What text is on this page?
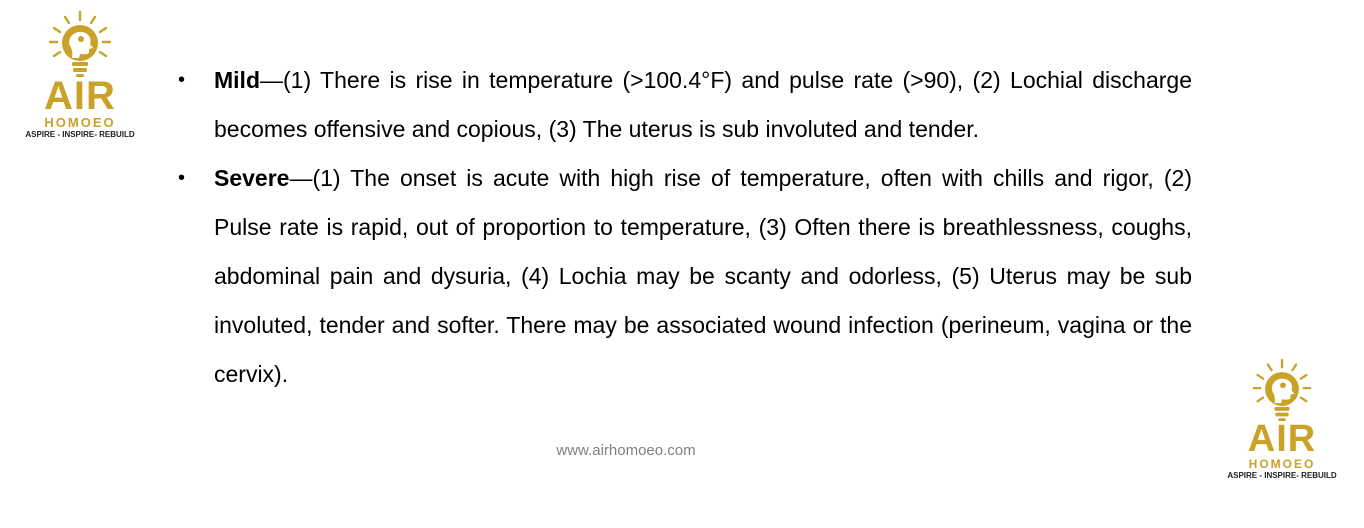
AIR
HOMOEO
ASPIRE - INSPIRE- REBUILD
• Mild—(1) There is rise in temperature (>100.4°F) and pulse rate (>90), (2) Lochial discharge becomes offensive and copious, (3) The uterus is sub involuted and tender.
• Severe—(1) The onset is acute with high rise of temperature, often with chills and rigor, (2) Pulse rate is rapid, out of proportion to temperature, (3) Often there is breathlessness, coughs, abdominal pain and dysuria, (4) Lochia may be scanty and odorless, (5) Uterus may be sub involuted, tender and softer. There may be associated wound infection (perineum, vagina or the cervix).
www.airhomoeo.com	AIR
HOMOEO
ASPIRE - INSPIRE- REBUILD
